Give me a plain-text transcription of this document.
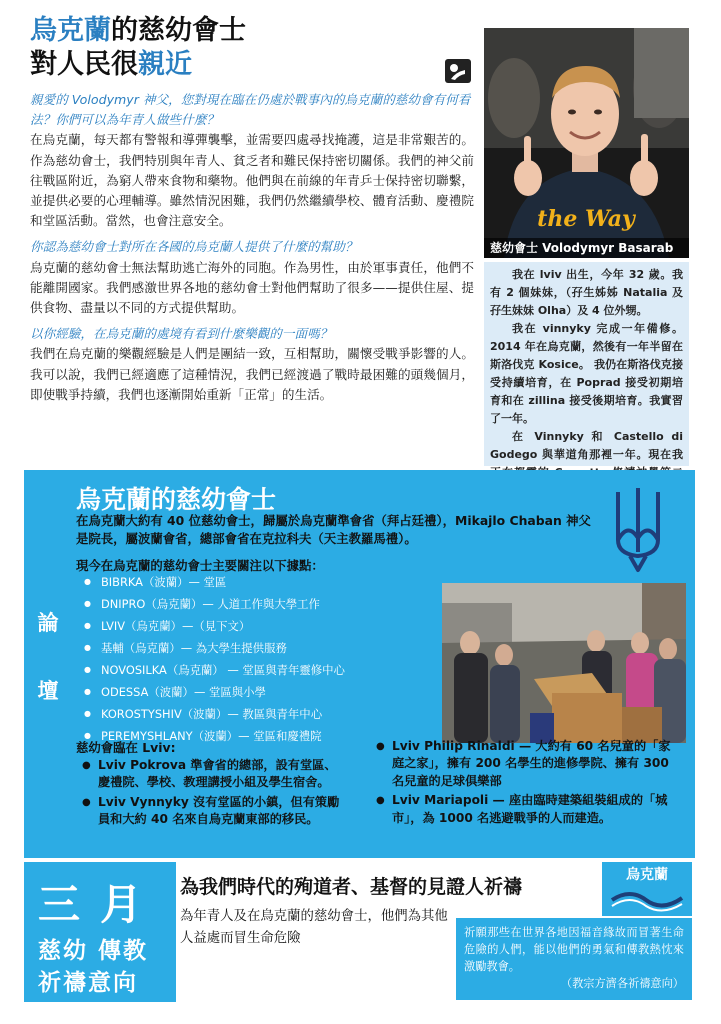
烏克蘭的慈幼會士
對人民很親近

親愛的 Volodymyr 神父，您對現在臨在仍處於戰事內的烏克蘭的慈幼會有何看法？你們可以為年青人做些什麼？

在烏克蘭，每天都有警報和導彈襲擊，並需要四處尋找掩護，這是非常艱苦的。作為慈幼會士，我們特別與年青人、貧乏者和難民保持密切關係。我們的神父前往戰區附近，為窮人帶來食物和藥物。他們與在前線的年青乒士保持密切聯繫，並提供必要的心理輔導。雖然情況困難，我們仍然繼續學校、體育活動、慶禮院和堂區活動。當然，也會注意安全。

你認為慈幼會士對所在各國的烏克蘭人提供了什麼的幫助？

烏克蘭的慈幼會士無法幫助逃亡海外的同胞。作為男性，由於軍事責任，他們不能離開國家。我們感激世界各地的慈幼會士對他們幫助了很多——提供住屋、提供食物、盡量以不同的方式提供幫助。

以你經驗，在烏克蘭的處境有看到什麼樂觀的一面嗎？

我們在烏克蘭的樂觀經驗是人們是團結一致，互相幫助，關懷受戰爭影響的人。我可以說，我們已經適應了這種情況，我們已經渡過了戰時最困難的頭幾個月，即使戰爭持續，我們也逐漸開始重新「正常」的生活。

the Way
慈幼會士 Volodymyr Basarab

我在 lviv 出生，今年 32 歲。我有 2 個妹妹，（孖生姊姊 Natalia 及孖生妹妹 Olha）及 4 位外甥。

我在 vinnyky 完成一年備修。2014 年在烏克蘭，然後有一年半留在斯洛伐克 Kosice。 我仍在斯洛伐克接受持續培育，在 Poprad 接受初期培育和在 zillina 接受後期培育。我實習了一年。

在 Vinnyky 和 Castello di Godego 與華道角那裡一年。現在我

烏克蘭的慈幼會士

在烏克蘭大約有 40 位慈幼會士，歸屬於烏克蘭準會省（拜占廷禮），Mikajlo Chaban 神父是院長，屬波蘭會省，總部會省在克拉科夫（天主教羅馬禮）。

現今在烏克蘭的慈幼會士主要關注以下據點：

論
壇
● BIBRKA（波蘭）— 堂區
● DNIPRO（烏克蘭）— 人道工作與大學工作
● LVIV（烏克蘭）—（見下文）
● 基輔（烏克蘭）— 為大學生提供服務
● NOVOSILKA（烏克蘭） — 堂區與青年靈修中心
● ODESSA（波蘭）— 堂區與小學
● KOROSTYSHIV（波蘭）— 教區與青年中心
● PEREMYSHLANY（波蘭）— 堂區和慶禮院

慈幼會臨在 Lviv:

● Lviv Pokrova 準會省的總部，設有堂區、慶禮院、學校、教理講授小組及學生宿舍。
● Lviv Vynnyky 沒有堂區的小鎮，但有策勵員和大約 40 名來自烏克蘭東部的移民。
● Lviv Philip Rinaldi — 大約有 60 名兒童的「家庭之家」，擁有 200 名學生的進修學院、擁有 300 名兒童的足球俱樂部
● Lviv Mariapoli — 座由臨時建築組裝組成的「城市」，為 1000 名逃避戰爭的人而建造。

三月

慈幼 傳教

祈禱意向

為我們時代的殉道者、基督的見證人祈禱

為年青人及在烏克蘭的慈幼會士，他們為其他人益處而冒生命危險	祈願那些在世界各地因福音緣故而冒著生命危險的人們，能以他們的勇氣和傳教熱忱來激勵教會。

（教宗方濟各祈禱意向）

烏克蘭
